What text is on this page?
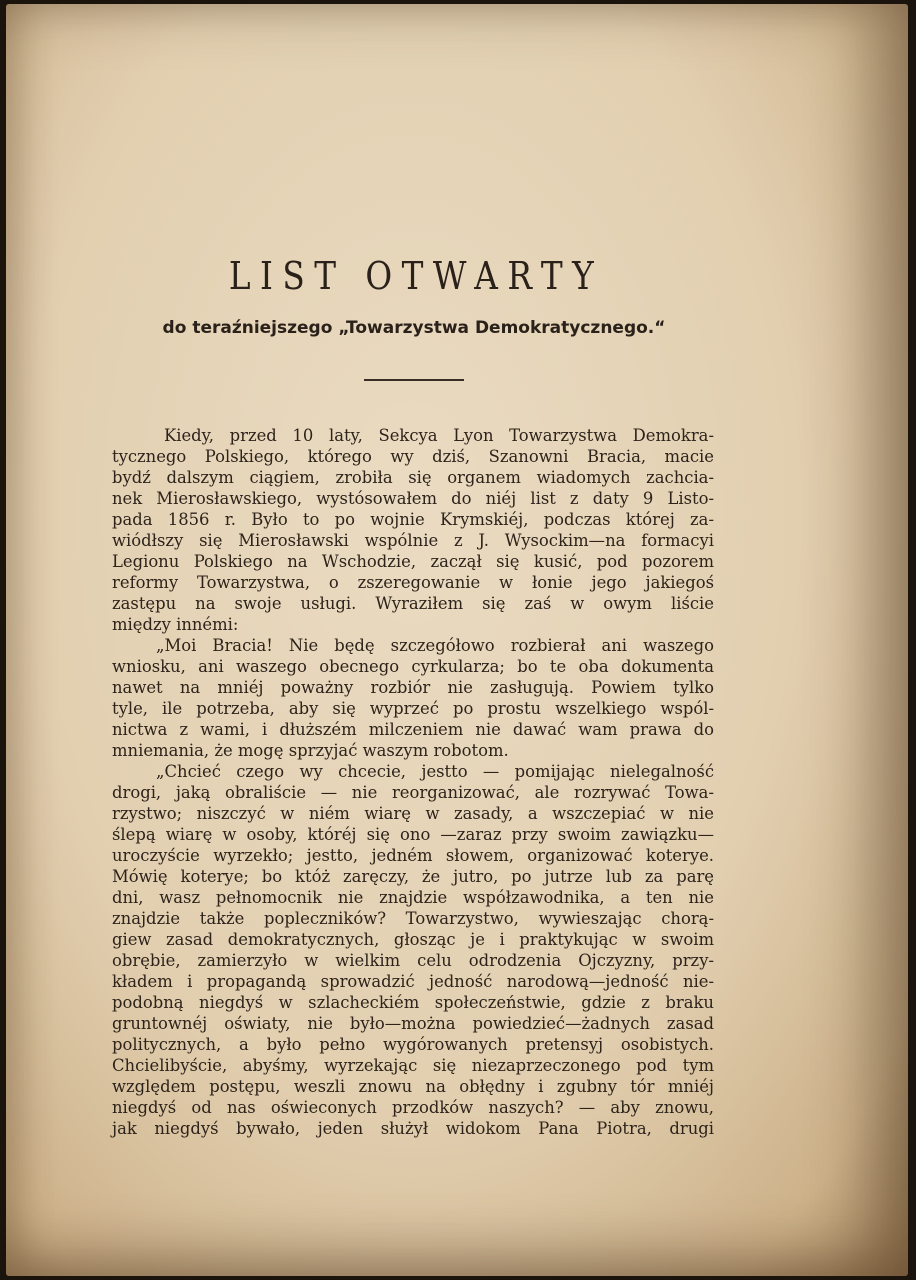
LIST OTWARTY
do teraźniejszego „Towarzystwa Demokratycznego.“
Kiedy, przed 10 laty, Sekcya Lyon Towarzystwa Demokra-
tycznego Polskiego, którego wy dziś, Szanowni Bracia, macie
bydź dalszym ciągiem, zrobiła się organem wiadomych zachcia-
nek Mierosławskiego, wystósowałem do niéj list z daty 9 Listo-
pada 1856 r. Było to po wojnie Krymskiéj, podczas której za-
wiódłszy się Mierosławski wspólnie z J. Wysockim—na formacyi
Legionu Polskiego na Wschodzie, zaczął się kusić, pod pozorem
reformy Towarzystwa, o zszeregowanie w łonie jego jakiegoś
zastępu na swoje usługi. Wyraziłem się zaś w owym liście
między innémi:
„Moi Bracia! Nie będę szczegółowo rozbierał ani waszego
wniosku, ani waszego obecnego cyrkularza; bo te oba dokumenta
nawet na mniéj poważny rozbiór nie zasługują. Powiem tylko
tyle, ile potrzeba, aby się wyprzeć po prostu wszelkiego wspól-
nictwa z wami, i dłuższém milczeniem nie dawać wam prawa do
mniemania, że mogę sprzyjać waszym robotom.
„Chcieć czego wy chcecie, jestto — pomijając nielegalność
drogi, jaką obraliście — nie reorganizować, ale rozrywać Towa-
rzystwo; niszczyć w niém wiarę w zasady, a wszczepiać w nie
ślepą wiarę w osoby, któréj się ono —zaraz przy swoim zawiązku—
uroczyście wyrzekło; jestto, jedném słowem, organizować koterye.
Mówię koterye; bo któż zaręczy, że jutro, po jutrze lub za parę
dni, wasz pełnomocnik nie znajdzie współzawodnika, a ten nie
znajdzie także popleczników? Towarzystwo, wywieszając chorą-
giew zasad demokratycznych, głosząc je i praktykując w swoim
obrębie, zamierzyło w wielkim celu odrodzenia Ojczyzny, przy-
kładem i propagandą sprowadzić jedność narodową—jedność nie-
podobną niegdyś w szlacheckiém społeczeństwie, gdzie z braku
gruntownéj oświaty, nie było—można powiedzieć—żadnych zasad
politycznych, a było pełno wygórowanych pretensyj osobistych.
Chcielibyście, abyśmy, wyrzekając się niezaprzeczonego pod tym
względem postępu, weszli znowu na obłędny i zgubny tór mniéj
niegdyś od nas oświeconych przodków naszych? — aby znowu,
jak niegdyś bywało, jeden służył widokom Pana Piotra, drugi
